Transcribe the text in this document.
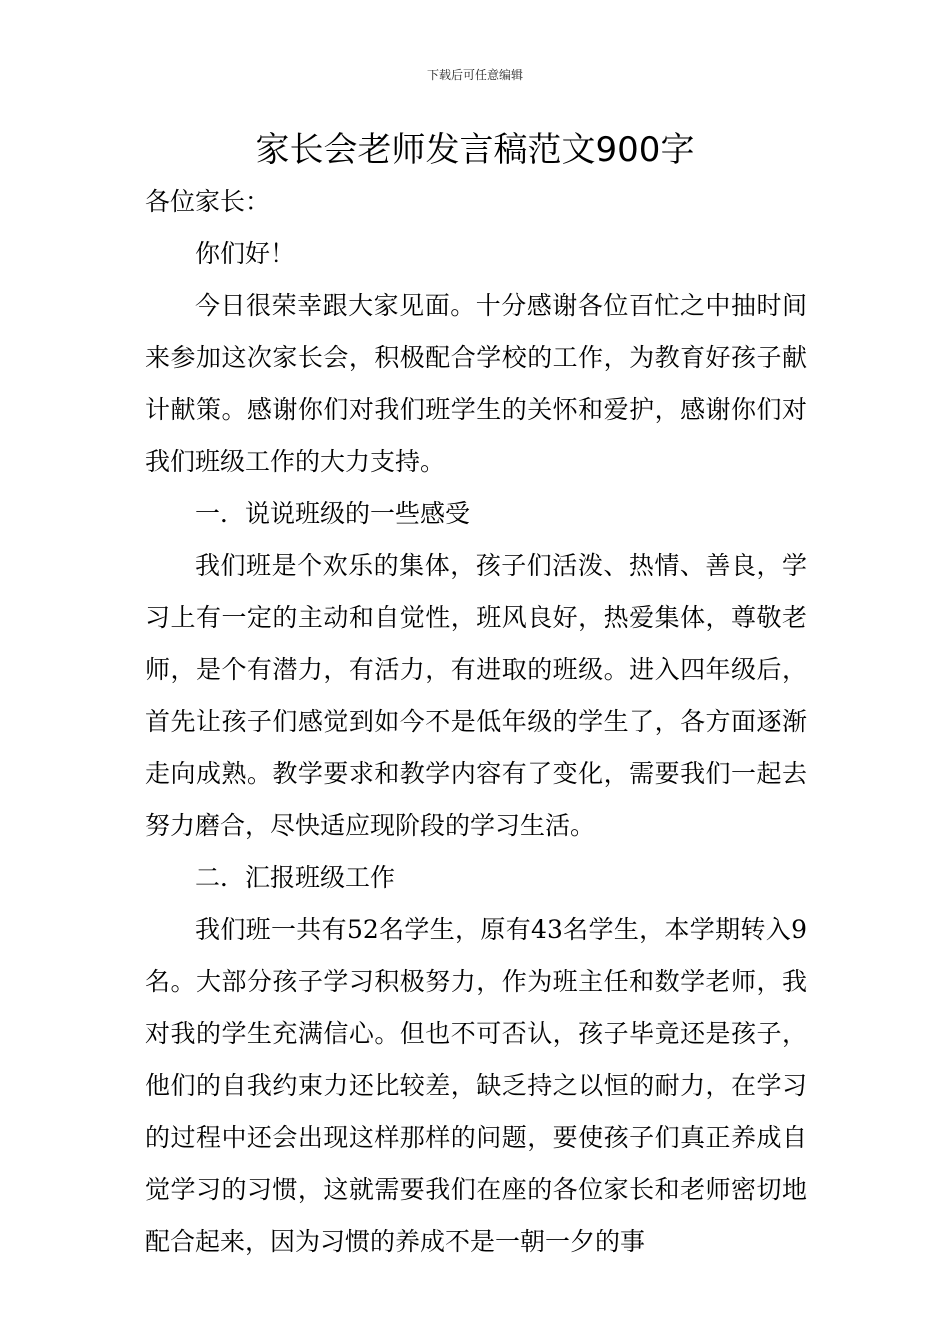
下载后可任意编辑
家长会老师发言稿范文900字

各位家长：

你们好！

今日很荣幸跟大家见面。十分感谢各位百忙之中抽时间来参加这次家长会，积极配合学校的工作，为教育好孩子献计献策。感谢你们对我们班学生的关怀和爱护，感谢你们对我们班级工作的大力支持。

一．说说班级的一些感受

我们班是个欢乐的集体，孩子们活泼、热情、善良，学习上有一定的主动和自觉性，班风良好，热爱集体，尊敬老师，是个有潜力，有活力，有进取的班级。进入四年级后，首先让孩子们感觉到如今不是低年级的学生了，各方面逐渐走向成熟。教学要求和教学内容有了变化，需要我们一起去努力磨合，尽快适应现阶段的学习生活。

二．汇报班级工作

我们班一共有52名学生，原有43名学生，本学期转入9名。大部分孩子学习积极努力，作为班主任和数学老师，我对我的学生充满信心。但也不可否认，孩子毕竟还是孩子，他们的自我约束力还比较差，缺乏持之以恒的耐力，在学习的过程中还会出现这样那样的问题，要使孩子们真正养成自觉学习的习惯，这就需要我们在座的各位家长和老师密切地配合起来，因为习惯的养成不是一朝一夕的事
